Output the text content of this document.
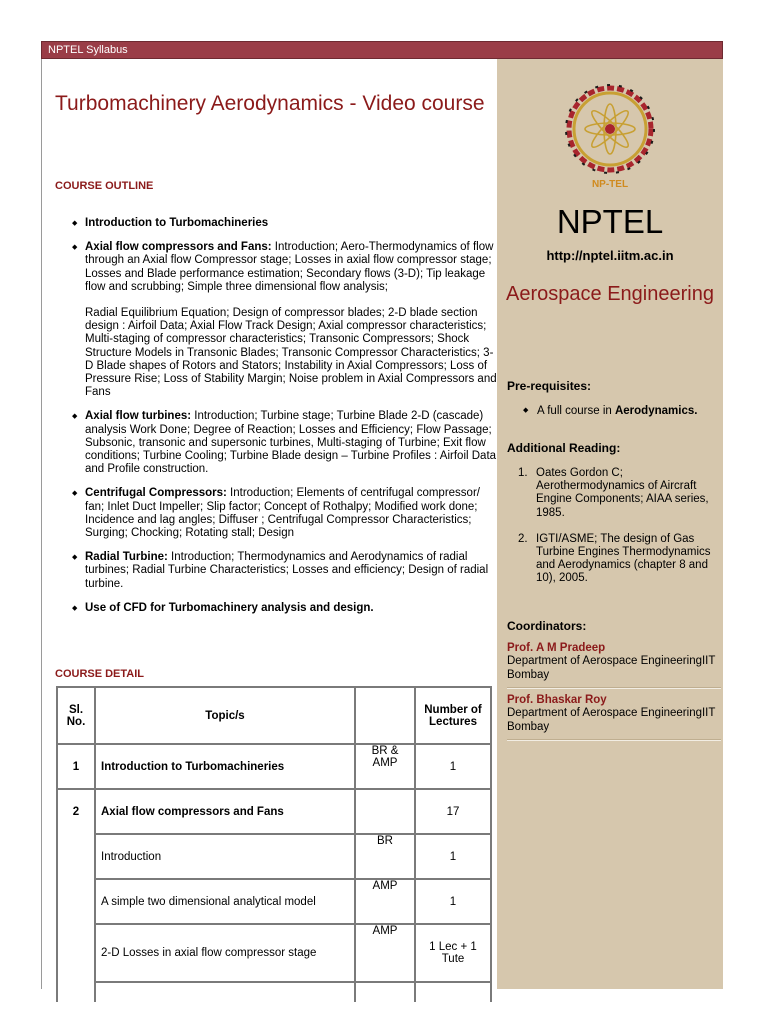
NPTEL Syllabus
Turbomachinery Aerodynamics - Video course
COURSE OUTLINE
◆ Introduction to Turbomachineries
◆ Axial flow compressors and Fans: Introduction; Aero-Thermodynamics of flow through an Axial flow Compressor stage; Losses in axial flow compressor stage; Losses and Blade performance estimation; Secondary flows (3-D); Tip leakage flow and scrubbing; Simple three dimensional flow analysis;

Radial Equilibrium Equation; Design of compressor blades; 2-D blade section design : Airfoil Data; Axial Flow Track Design; Axial compressor characteristics; Multi-staging of compressor characteristics; Transonic Compressors; Shock Structure Models in Transonic Blades; Transonic Compressor Characteristics; 3-D Blade shapes of Rotors and Stators; Instability in Axial Compressors; Loss of Pressure Rise; Loss of Stability Margin; Noise problem in Axial Compressors and Fans

◆ Axial flow turbines: Introduction; Turbine stage; Turbine Blade 2-D (cascade) analysis Work Done; Degree of Reaction; Losses and Efficiency; Flow Passage; Subsonic, transonic and supersonic turbines, Multi-staging of Turbine; Exit flow conditions; Turbine Cooling; Turbine Blade design – Turbine Profiles : Airfoil Data and Profile construction.
◆ Centrifugal Compressors: Introduction; Elements of centrifugal compressor/ fan; Inlet Duct Impeller; Slip factor; Concept of Rothalpy; Modified work done; Incidence and lag angles; Diffuser ; Centrifugal Compressor Characteristics; Surging; Chocking; Rotating stall; Design
◆ Radial Turbine: Introduction; Thermodynamics and Aerodynamics of radial turbines; Radial Turbine Characteristics; Losses and efficiency; Design of radial turbine.
◆ Use of CFD for Turbomachinery analysis and design.
COURSE DETAIL
Sl. No.	Topic/s		Number of Lectures
1	Introduction to Turbomachineries	BR & AMP	1
2	Axial flow compressors and Fans		17
	Introduction	BR	1
	A simple two dimensional analytical model	AMP	1
	2-D Losses in axial flow compressor stage	AMP	1 Lec + 1 Tute

NP-TEL
NPTEL
http://nptel.iitm.ac.in
Aerospace Engineering
Pre-requisites:
◆ A full course in Aerodynamics.
Additional Reading:
1. Oates Gordon C; Aerothermodynamics of Aircraft Engine Components; AIAA series, 1985.
2. IGTI/ASME; The design of Gas Turbine Engines Thermodynamics and Aerodynamics (chapter 8 and 10), 2005.
Coordinators:
Prof. A M Pradeep
Department of Aerospace EngineeringIIT Bombay
Prof. Bhaskar Roy
Department of Aerospace EngineeringIIT Bombay
